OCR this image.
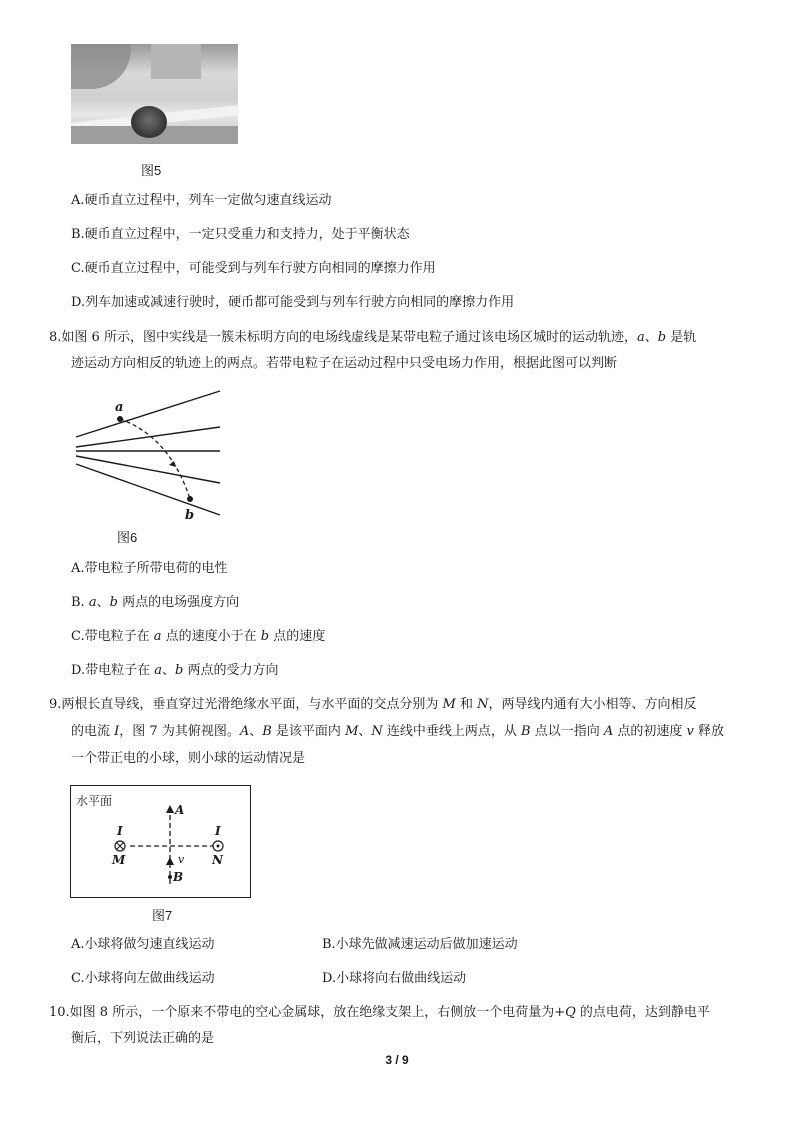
图5
A.硬币直立过程中，列车一定做匀速直线运动
B.硬币直立过程中，一定只受重力和支持力，处于平衡状态
C.硬币直立过程中，可能受到与列车行驶方向相同的摩擦力作用
D.列车加速或减速行驶时，硬币都可能受到与列车行驶方向相同的摩擦力作用
8.如图 6 所示，图中实线是一簇未标明方向的电场线虚线是某带电粒子通过该电场区城时的运动轨迹，a、b 是轨
迹运动方向相反的轨迹上的两点。若带电粒子在运动过程中只受电场力作用，根据此图可以判断
a
b
图6
A.带电粒子所带电荷的电性
B. a、b 两点的电场强度方向
C.带电粒子在 a 点的速度小于在 b 点的速度
D.带电粒子在 a、b 两点的受力方向
9.两根长直导线，垂直穿过光滑绝缘水平面，与水平面的交点分别为 M 和 N，两导线内通有大小相等、方向相反
的电流 I，图 7 为其俯视图。A、B 是该平面内 M、N 连线中垂线上两点，从 B 点以一指向 A 点的初速度 v 释放
一个带正电的小球，则小球的运动情况是
水平面
A
B
I	I
M	N
v
图7
A.小球将做匀速直线运动	B.小球先做减速运动后做加速运动
C.小球将向左做曲线运动	D.小球将向右做曲线运动
10.如图 8 所示，一个原来不带电的空心金属球，放在绝缘支架上，右侧放一个电荷量为+Q 的点电荷，达到静电平
衡后，下列说法正确的是
3 / 9
